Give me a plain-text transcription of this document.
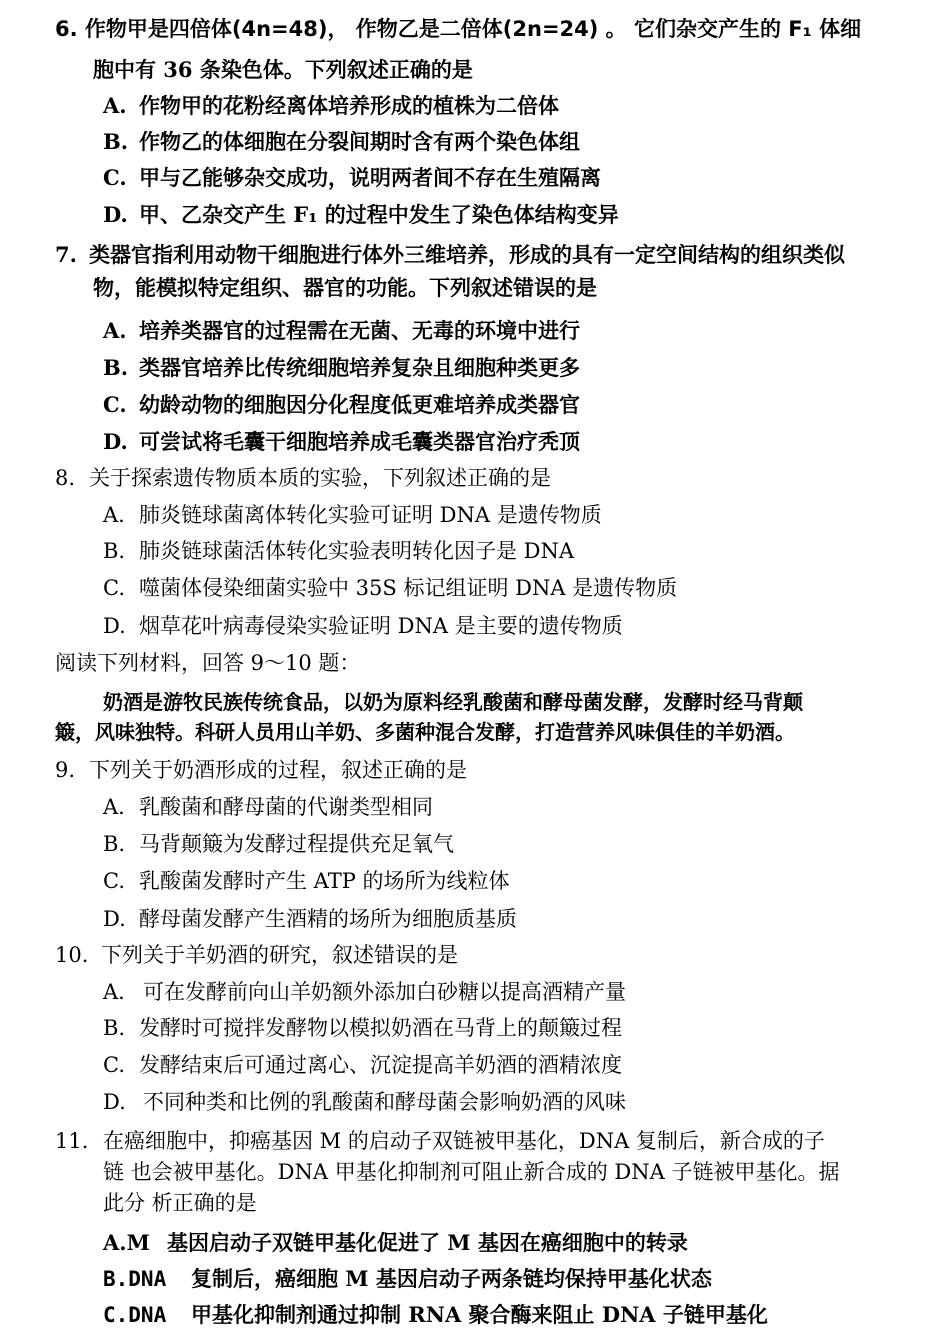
6. 作物甲是四倍体(4n=48)， 作物乙是二倍体(2n=24) 。 它们杂交产生的 F₁ 体细
胞中有 36 条染色体。下列叙述正确的是
A. 作物甲的花粉经离体培养形成的植株为二倍体
B. 作物乙的体细胞在分裂间期时含有两个染色体组
C. 甲与乙能够杂交成功，说明两者间不存在生殖隔离
D. 甲、乙杂交产生 F₁ 的过程中发生了染色体结构变异
7. 类器官指利用动物干细胞进行体外三维培养，形成的具有一定空间结构的组织类似
物，能模拟特定组织、器官的功能。下列叙述错误的是
A. 培养类器官的过程需在无菌、无毒的环境中进行
B. 类器官培养比传统细胞培养复杂且细胞种类更多
C. 幼龄动物的细胞因分化程度低更难培养成类器官
D. 可尝试将毛囊干细胞培养成毛囊类器官治疗秃顶
8. 关于探索遗传物质本质的实验，下列叙述正确的是
A. 肺炎链球菌离体转化实验可证明 DNA 是遗传物质
B. 肺炎链球菌活体转化实验表明转化因子是 DNA
C. 噬菌体侵染细菌实验中 35S 标记组证明 DNA 是遗传物质
D. 烟草花叶病毒侵染实验证明 DNA 是主要的遗传物质
阅读下列材料，回答 9～10 题：
奶酒是游牧民族传统食品，以奶为原料经乳酸菌和酵母菌发酵，发酵时经马背颠
簸，风味独特。科研人员用山羊奶、多菌种混合发酵，打造营养风味俱佳的羊奶酒。
9. 下列关于奶酒形成的过程，叙述正确的是
A. 乳酸菌和酵母菌的代谢类型相同
B. 马背颠簸为发酵过程提供充足氧气
C. 乳酸菌发酵时产生 ATP 的场所为线粒体
D. 酵母菌发酵产生酒精的场所为细胞质基质
10. 下列关于羊奶酒的研究，叙述错误的是
A. 可在发酵前向山羊奶额外添加白砂糖以提高酒精产量
B. 发酵时可搅拌发酵物以模拟奶酒在马背上的颠簸过程
C. 发酵结束后可通过离心、沉淀提高羊奶酒的酒精浓度
D. 不同种类和比例的乳酸菌和酵母菌会影响奶酒的风味
11. 在癌细胞中，抑癌基因 M 的启动子双链被甲基化，DNA 复制后，新合成的子
链 也会被甲基化。DNA 甲基化抑制剂可阻止新合成的 DNA 子链被甲基化。据
此分 析正确的是
A.M 基因启动子双链甲基化促进了 M 基因在癌细胞中的转录
B.DNA 复制后，癌细胞 M 基因启动子两条链均保持甲基化状态
C.DNA 甲基化抑制剂通过抑制 RNA 聚合酶来阻止 DNA 子链甲基化
